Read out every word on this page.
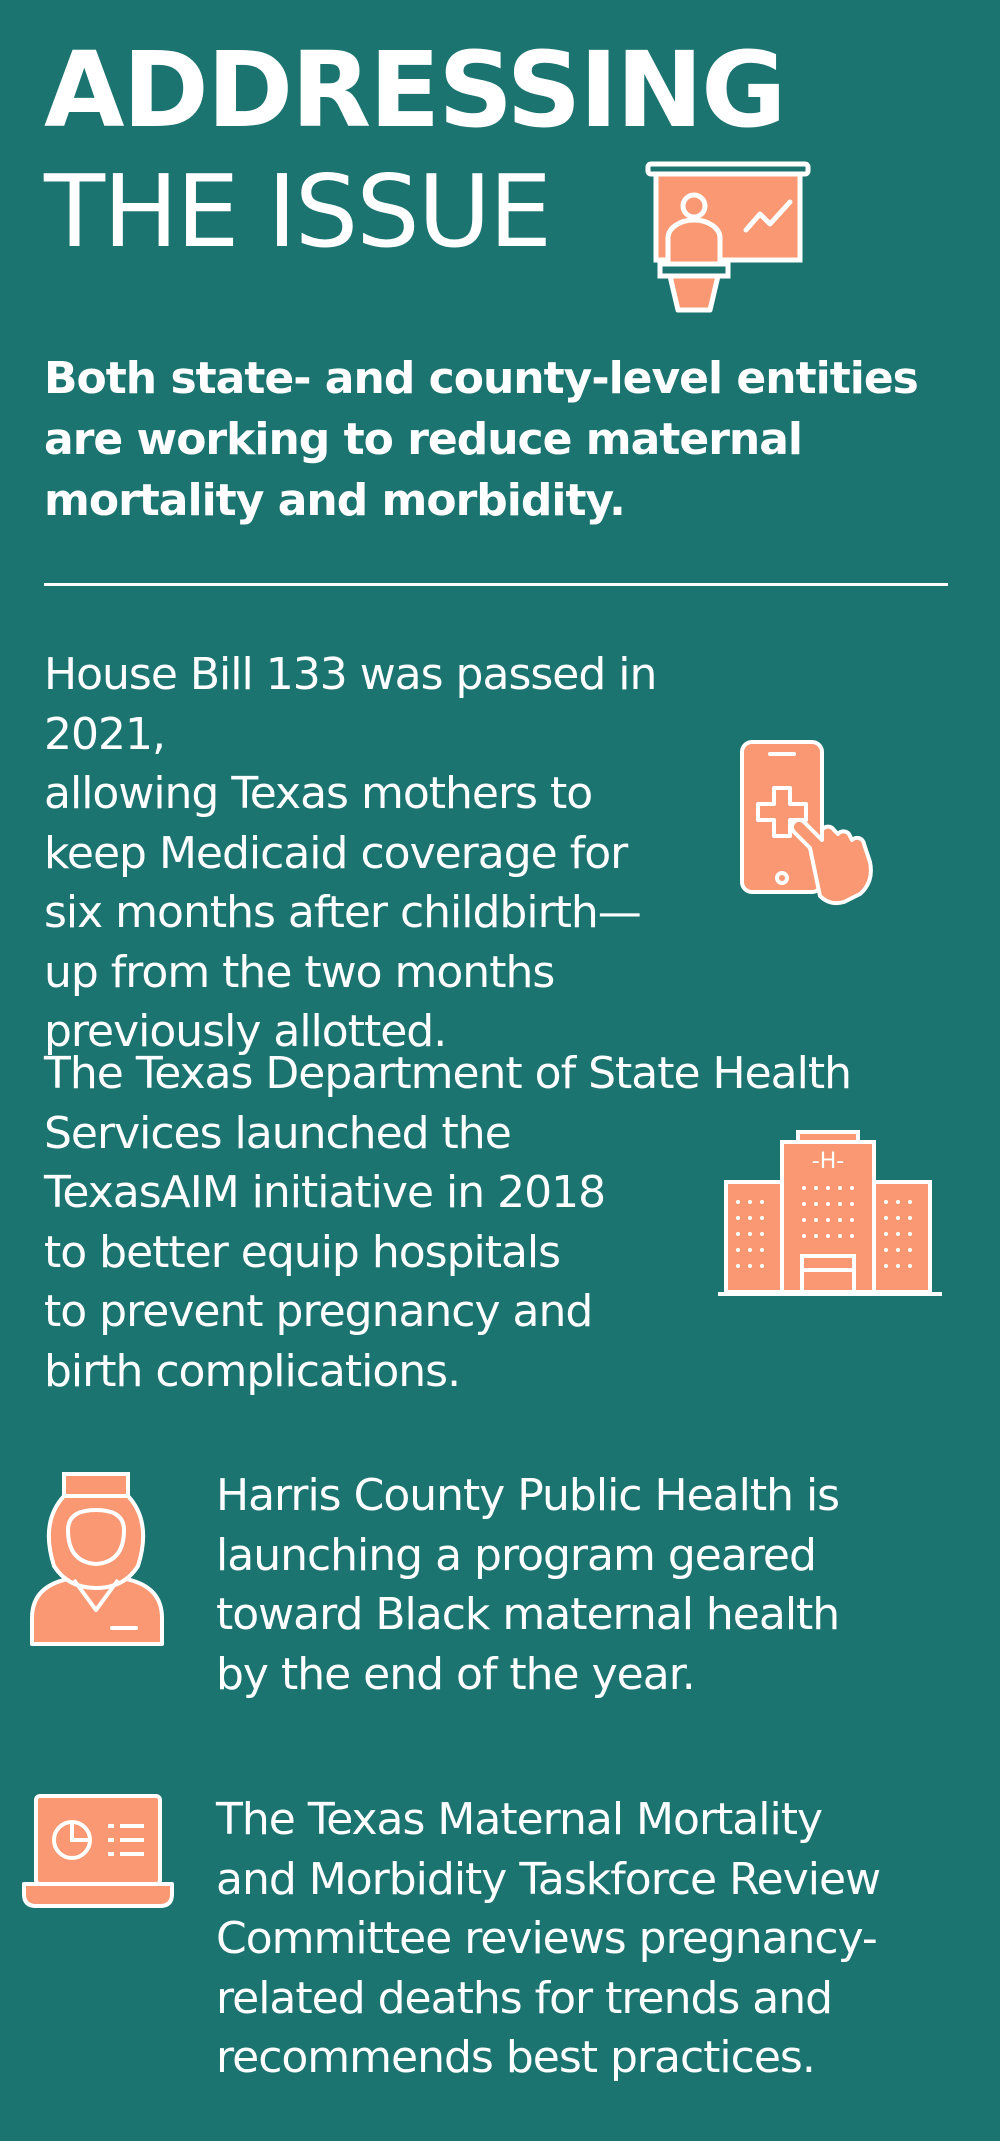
ADDRESSING
THE ISSUE
Both state- and county-level entities are working to reduce maternal mortality and morbidity.
House Bill 133 was passed in 2021,
allowing Texas mothers to
keep Medicaid coverage for
six months after childbirth—
up from the two months
previously allotted.
The Texas Department of State Health
Services launched the
TexasAIM initiative in 2018
to better equip hospitals
to prevent pregnancy and
birth complications.
-H-
Harris County Public Health is
launching a program geared
toward Black maternal health
by the end of the year.
The Texas Maternal Mortality
and Morbidity Taskforce Review
Committee reviews pregnancy-
related deaths for trends and
recommends best practices.
